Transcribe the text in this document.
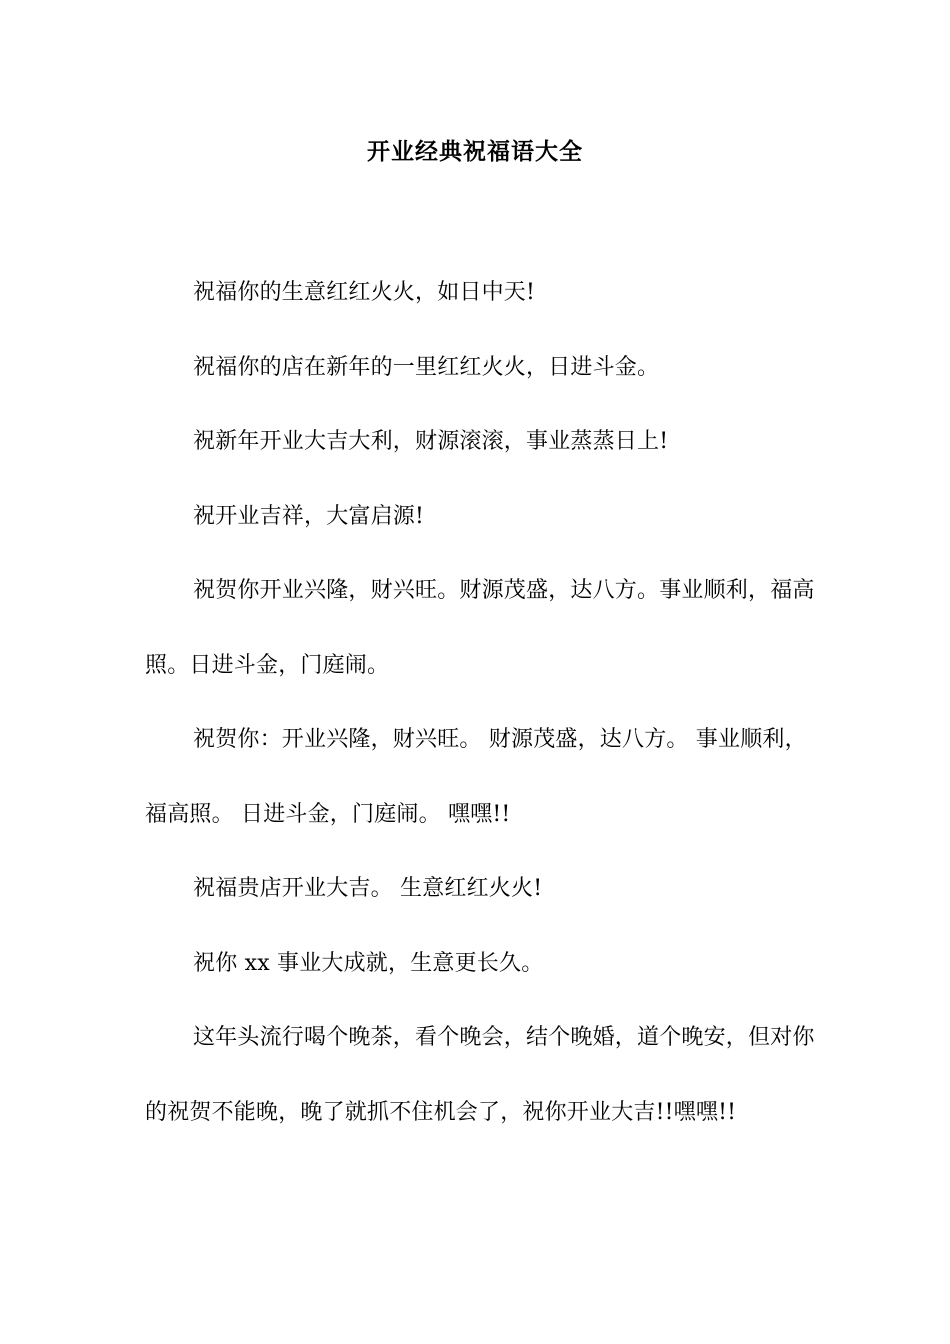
开业经典祝福语大全

祝福你的生意红红火火，如日中天!

祝福你的店在新年的一里红红火火，日进斗金。

祝新年开业大吉大利，财源滚滚，事业蒸蒸日上!

祝开业吉祥，大富启源!

祝贺你开业兴隆，财兴旺。财源茂盛，达八方。事业顺利，福高照。日进斗金，门庭闹。

祝贺你：开业兴隆，财兴旺。 财源茂盛，达八方。 事业顺利，福高照。 日进斗金，门庭闹。 嘿嘿!!

祝福贵店开业大吉。 生意红红火火!

祝你 xx 事业大成就，生意更长久。

这年头流行喝个晚茶，看个晚会，结个晚婚，道个晚安，但对你的祝贺不能晚，晚了就抓不住机会了，祝你开业大吉!!嘿嘿!!
